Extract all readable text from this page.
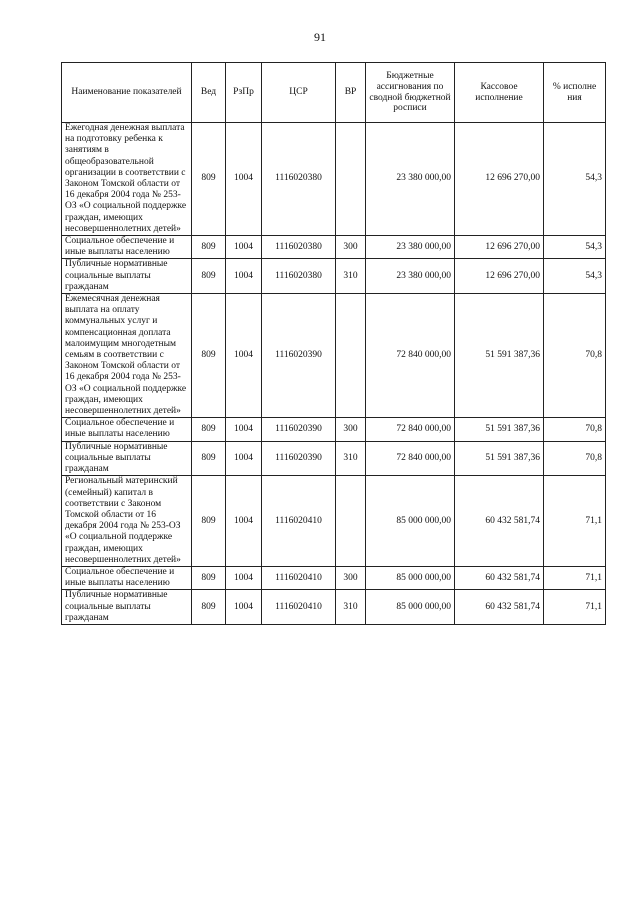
91
Наименование показателей	Вед	РзПр	ЦСР	ВР	Бюджетные ассигнования по сводной бюджетной росписи	Кассовое исполнение	% исполне ния
Ежегодная денежная выплата на подготовку ребенка к занятиям в общеобразовательной организации в соответствии с Законом Томской области от 16 декабря 2004 года № 253-ОЗ «О социальной поддержке граждан, имеющих несовершеннолетних детей»	809	1004	1116020380		23 380 000,00	12 696 270,00	54,3
Социальное обеспечение и иные выплаты населению	809	1004	1116020380	300	23 380 000,00	12 696 270,00	54,3
Публичные нормативные социальные выплаты гражданам	809	1004	1116020380	310	23 380 000,00	12 696 270,00	54,3
Ежемесячная денежная выплата на оплату коммунальных услуг и компенсационная доплата малоимущим многодетным семьям в соответствии с Законом Томской области от 16 декабря 2004 года № 253-ОЗ «О социальной поддержке граждан, имеющих несовершеннолетних детей»	809	1004	1116020390		72 840 000,00	51 591 387,36	70,8
Социальное обеспечение и иные выплаты населению	809	1004	1116020390	300	72 840 000,00	51 591 387,36	70,8
Публичные нормативные социальные выплаты гражданам	809	1004	1116020390	310	72 840 000,00	51 591 387,36	70,8
Региональный материнский (семейный) капитал в соответствии с Законом Томской области от 16 декабря 2004 года № 253-ОЗ «О социальной поддержке граждан, имеющих несовершеннолетних детей»	809	1004	1116020410		85 000 000,00	60 432 581,74	71,1
Социальное обеспечение и иные выплаты населению	809	1004	1116020410	300	85 000 000,00	60 432 581,74	71,1
Публичные нормативные социальные выплаты гражданам	809	1004	1116020410	310	85 000 000,00	60 432 581,74	71,1
